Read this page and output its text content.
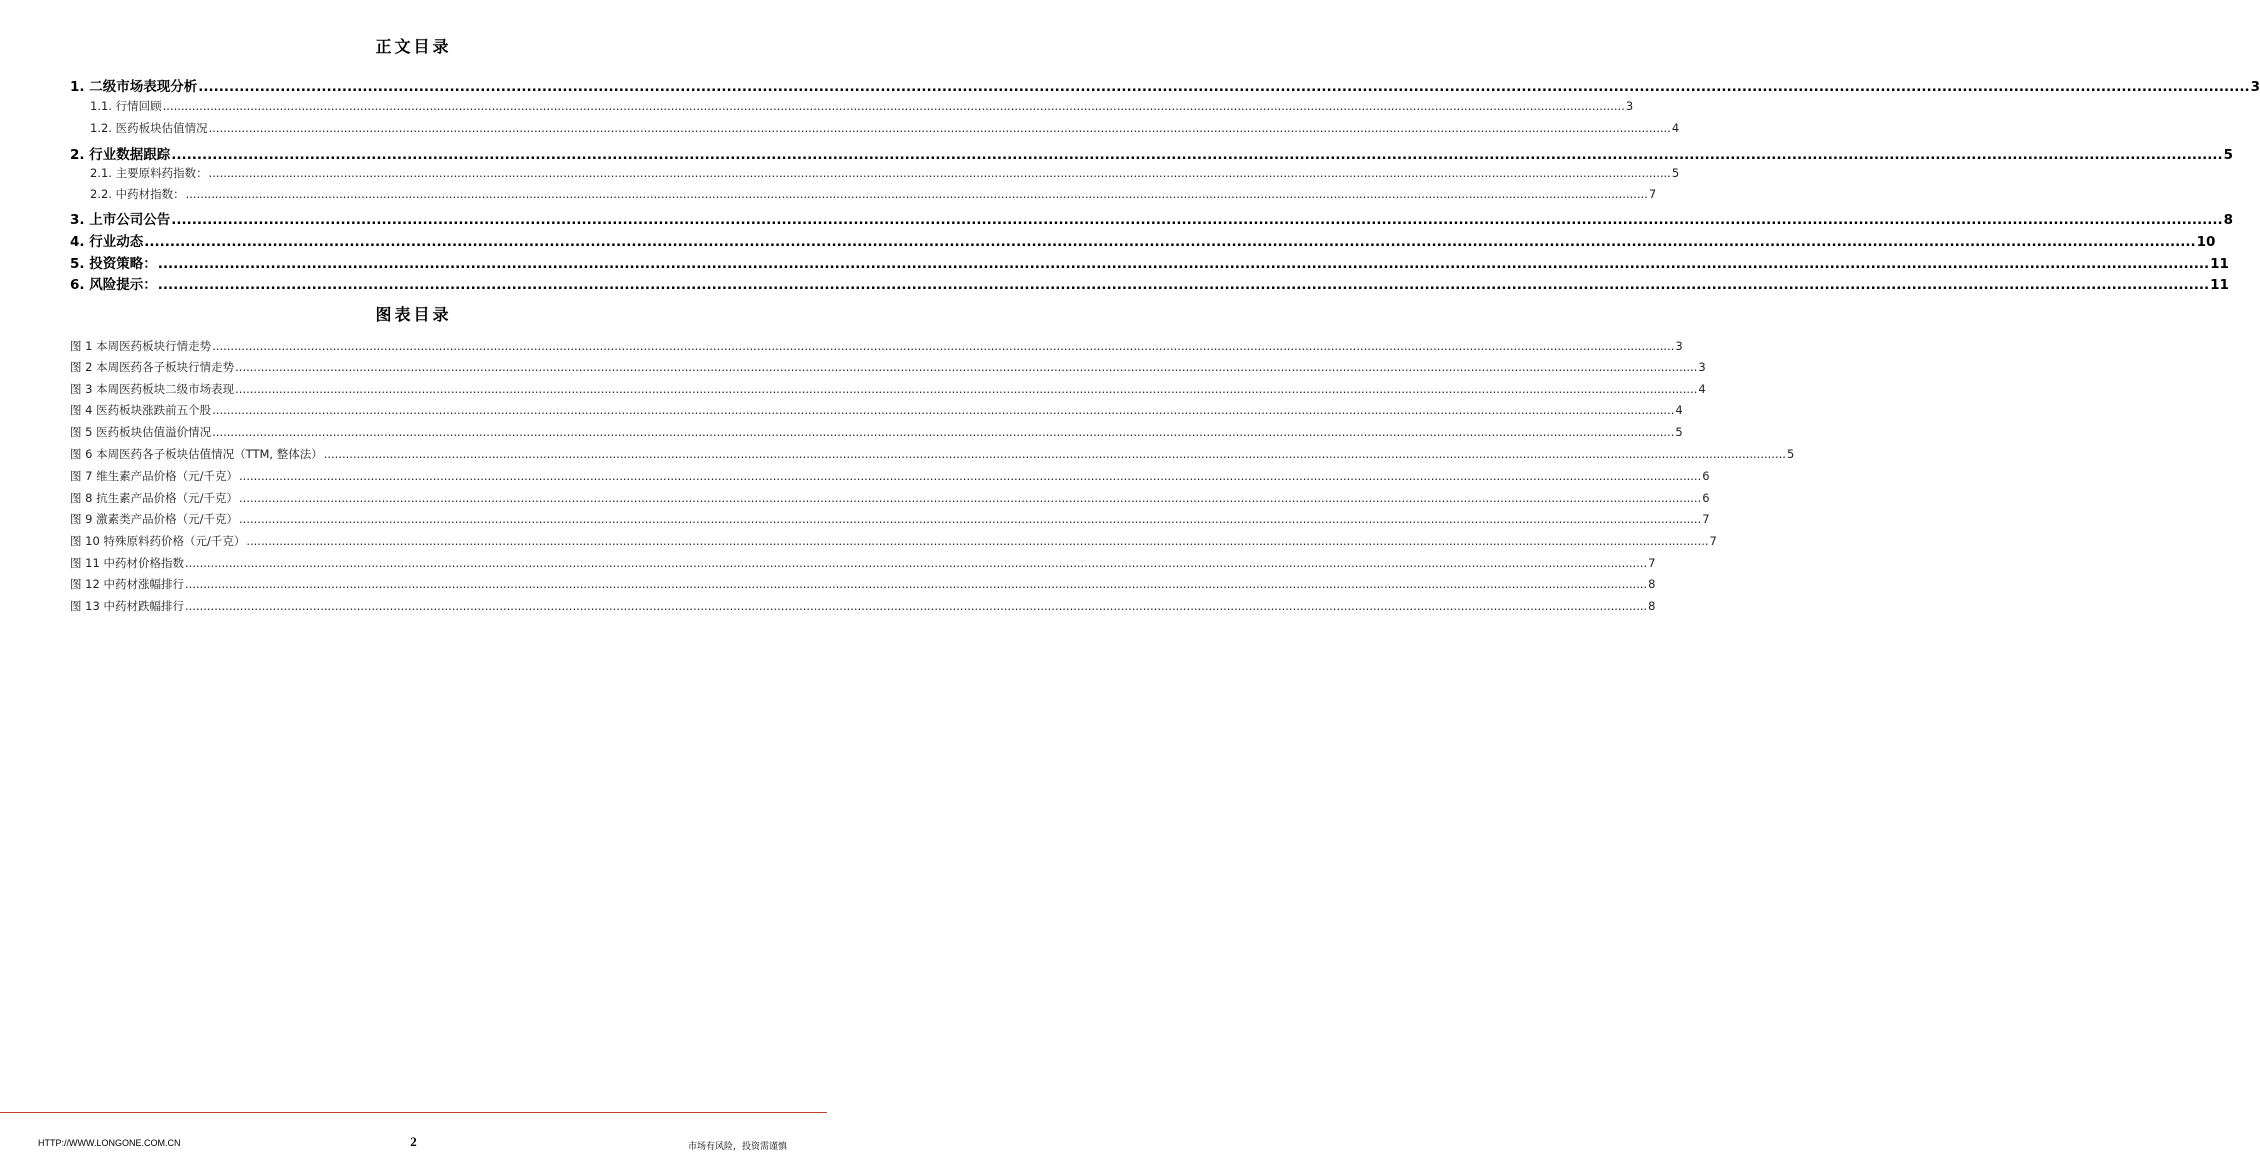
正文目录
1. 二级市场表现分析 ................................................................................................................................................................................................................................................................................................................................................................................................................ 3
1.1. 行情回顾 ................................................................................................................................................................................................................................................................................................................................................................................................................ 3
1.2. 医药板块估值情况 ................................................................................................................................................................................................................................................................................................................................................................................................................ 4
2. 行业数据跟踪 ................................................................................................................................................................................................................................................................................................................................................................................................................ 5
2.1. 主要原料药指数： ................................................................................................................................................................................................................................................................................................................................................................................................................ 5
2.2. 中药材指数： ................................................................................................................................................................................................................................................................................................................................................................................................................ 7
3. 上市公司公告 ................................................................................................................................................................................................................................................................................................................................................................................................................ 8
4. 行业动态 ................................................................................................................................................................................................................................................................................................................................................................................................................ 10
5. 投资策略： ................................................................................................................................................................................................................................................................................................................................................................................................................ 11
6. 风险提示： ................................................................................................................................................................................................................................................................................................................................................................................................................ 11
图表目录
图 1 本周医药板块行情走势 ................................................................................................................................................................................................................................................................................................................................................................................................................ 3
图 2 本周医药各子板块行情走势 ................................................................................................................................................................................................................................................................................................................................................................................................................ 3
图 3 本周医药板块二级市场表现 ................................................................................................................................................................................................................................................................................................................................................................................................................ 4
图 4 医药板块涨跌前五个股 ................................................................................................................................................................................................................................................................................................................................................................................................................ 4
图 5 医药板块估值溢价情况 ................................................................................................................................................................................................................................................................................................................................................................................................................ 5
图 6 本周医药各子板块估值情况（TTM, 整体法） ................................................................................................................................................................................................................................................................................................................................................................................................................ 5
图 7 维生素产品价格（元/千克） ................................................................................................................................................................................................................................................................................................................................................................................................................ 6
图 8 抗生素产品价格（元/千克） ................................................................................................................................................................................................................................................................................................................................................................................................................ 6
图 9 激素类产品价格（元/千克） ................................................................................................................................................................................................................................................................................................................................................................................................................ 7
图 10 特殊原料药价格（元/千克） ................................................................................................................................................................................................................................................................................................................................................................................................................ 7
图 11 中药材价格指数 ................................................................................................................................................................................................................................................................................................................................................................................................................ 7
图 12 中药材涨幅排行 ................................................................................................................................................................................................................................................................................................................................................................................................................ 8
图 13 中药材跌幅排行 ................................................................................................................................................................................................................................................................................................................................................................................................................ 8
HTTP://WWW.LONGONE.COM.CN	2	市场有风险，投资需谨慎
